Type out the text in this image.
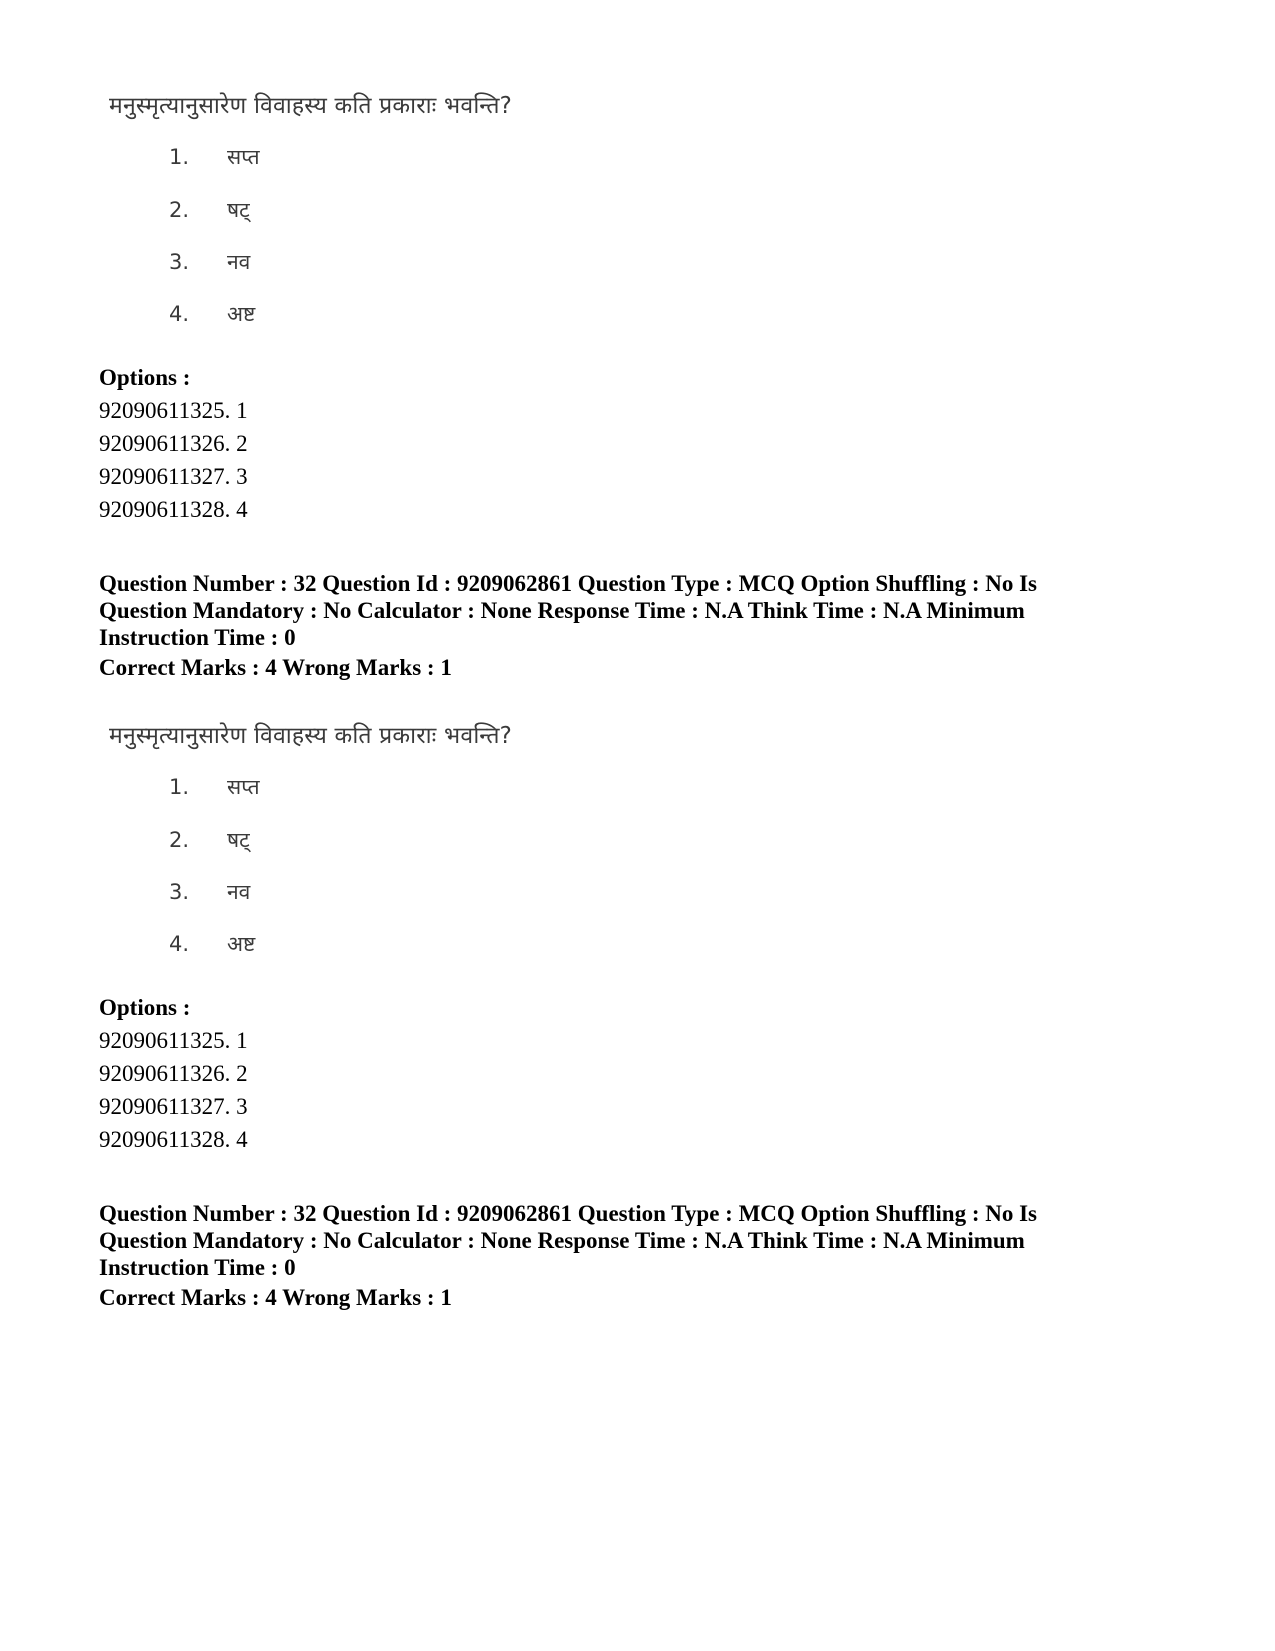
मनुस्मृत्यानुसारेण विवाहस्य कति प्रकाराः भवन्ति?
1. सप्त
2. षट्
3. नव
4. अष्ट
Options :
92090611325. 1
92090611326. 2
92090611327. 3
92090611328. 4
Question Number : 32 Question Id : 9209062861 Question Type : MCQ Option Shuffling : No Is
Question Mandatory : No Calculator : None Response Time : N.A Think Time : N.A Minimum
Instruction Time : 0
Correct Marks : 4 Wrong Marks : 1
मनुस्मृत्यानुसारेण विवाहस्य कति प्रकाराः भवन्ति?
1. सप्त
2. षट्
3. नव
4. अष्ट
Options :
92090611325. 1
92090611326. 2
92090611327. 3
92090611328. 4
Question Number : 32 Question Id : 9209062861 Question Type : MCQ Option Shuffling : No Is
Question Mandatory : No Calculator : None Response Time : N.A Think Time : N.A Minimum
Instruction Time : 0
Correct Marks : 4 Wrong Marks : 1
